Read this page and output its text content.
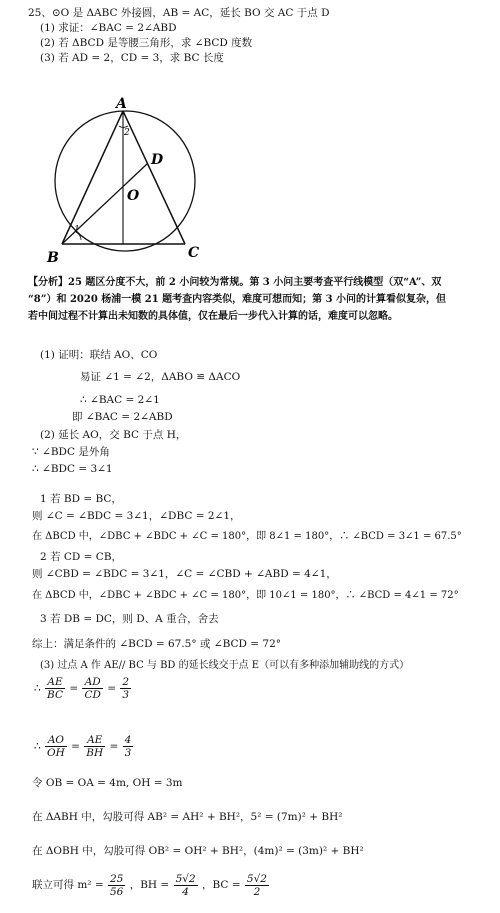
25、⊙O 是 ΔABC 外接圆，AB = AC，延长 BO 交 AC 于点 D
(1) 求证：∠BAC = 2∠ABD
(2) 若 ΔBCD 是等腰三角形，求 ∠BCD 度数
(3) 若 AD = 2，CD = 3，求 BC 长度
A
B	C
D
O
1
2
【分析】25 题区分度不大，前 2 小问较为常规。第 3 小问主要考查平行线模型（双“A”、双
“8”）和 2020 杨浦一模 21 题考查内容类似，难度可想而知；第 3 小问的计算看似复杂，但
若中间过程不计算出未知数的具体值，仅在最后一步代入计算的话，难度可以忽略。
(1) 证明：联结 AO、CO
易证 ∠1 = ∠2，ΔABO ≌ ΔACO
∴ ∠BAC = 2∠1
即 ∠BAC = 2∠ABD
(2) 延长 AO，交 BC 于点 H，
∵ ∠BDC 是外角
∴ ∠BDC = 3∠1
1 若 BD = BC，
则 ∠C = ∠BDC = 3∠1，∠DBC = 2∠1，
在 ΔBCD 中，∠DBC + ∠BDC + ∠C = 180°，即 8∠1 = 180°，∴ ∠BCD = 3∠1 = 67.5°
2 若 CD = CB，
则 ∠CBD = ∠BDC = 3∠1，∠C = ∠CBD + ∠ABD = 4∠1，
在 ΔBCD 中，∠DBC + ∠BDC + ∠C = 180°，即 10∠1 = 180°，∴ ∠BCD = 4∠1 = 72°
3 若 DB = DC，则 D、A 重合，舍去
综上：满足条件的 ∠BCD = 67.5° 或 ∠BCD = 72°
(3) 过点 A 作 AE// BC 与 BD 的延长线交于点 E（可以有多种添加辅助线的方式）
∴ $\frac{AE}{BC} = \frac{AD}{CD} = \frac{2}{3}$
∴ $\frac{AO}{OH} = \frac{AE}{BH} = \frac{4}{3}$
令 OB = OA = 4m, OH = 3m
在 ΔABH 中，勾股可得 AB² = AH² + BH²，5² = (7m)² + BH²
在 ΔOBH 中，勾股可得 OB² = OH² + BH²，(4m)² = (3m)² + BH²
联立可得 $m^2 = \frac{25}{56}$ ，BH = $\frac{5√2}{4}$ ，BC = $\frac{5√2}{2}$
